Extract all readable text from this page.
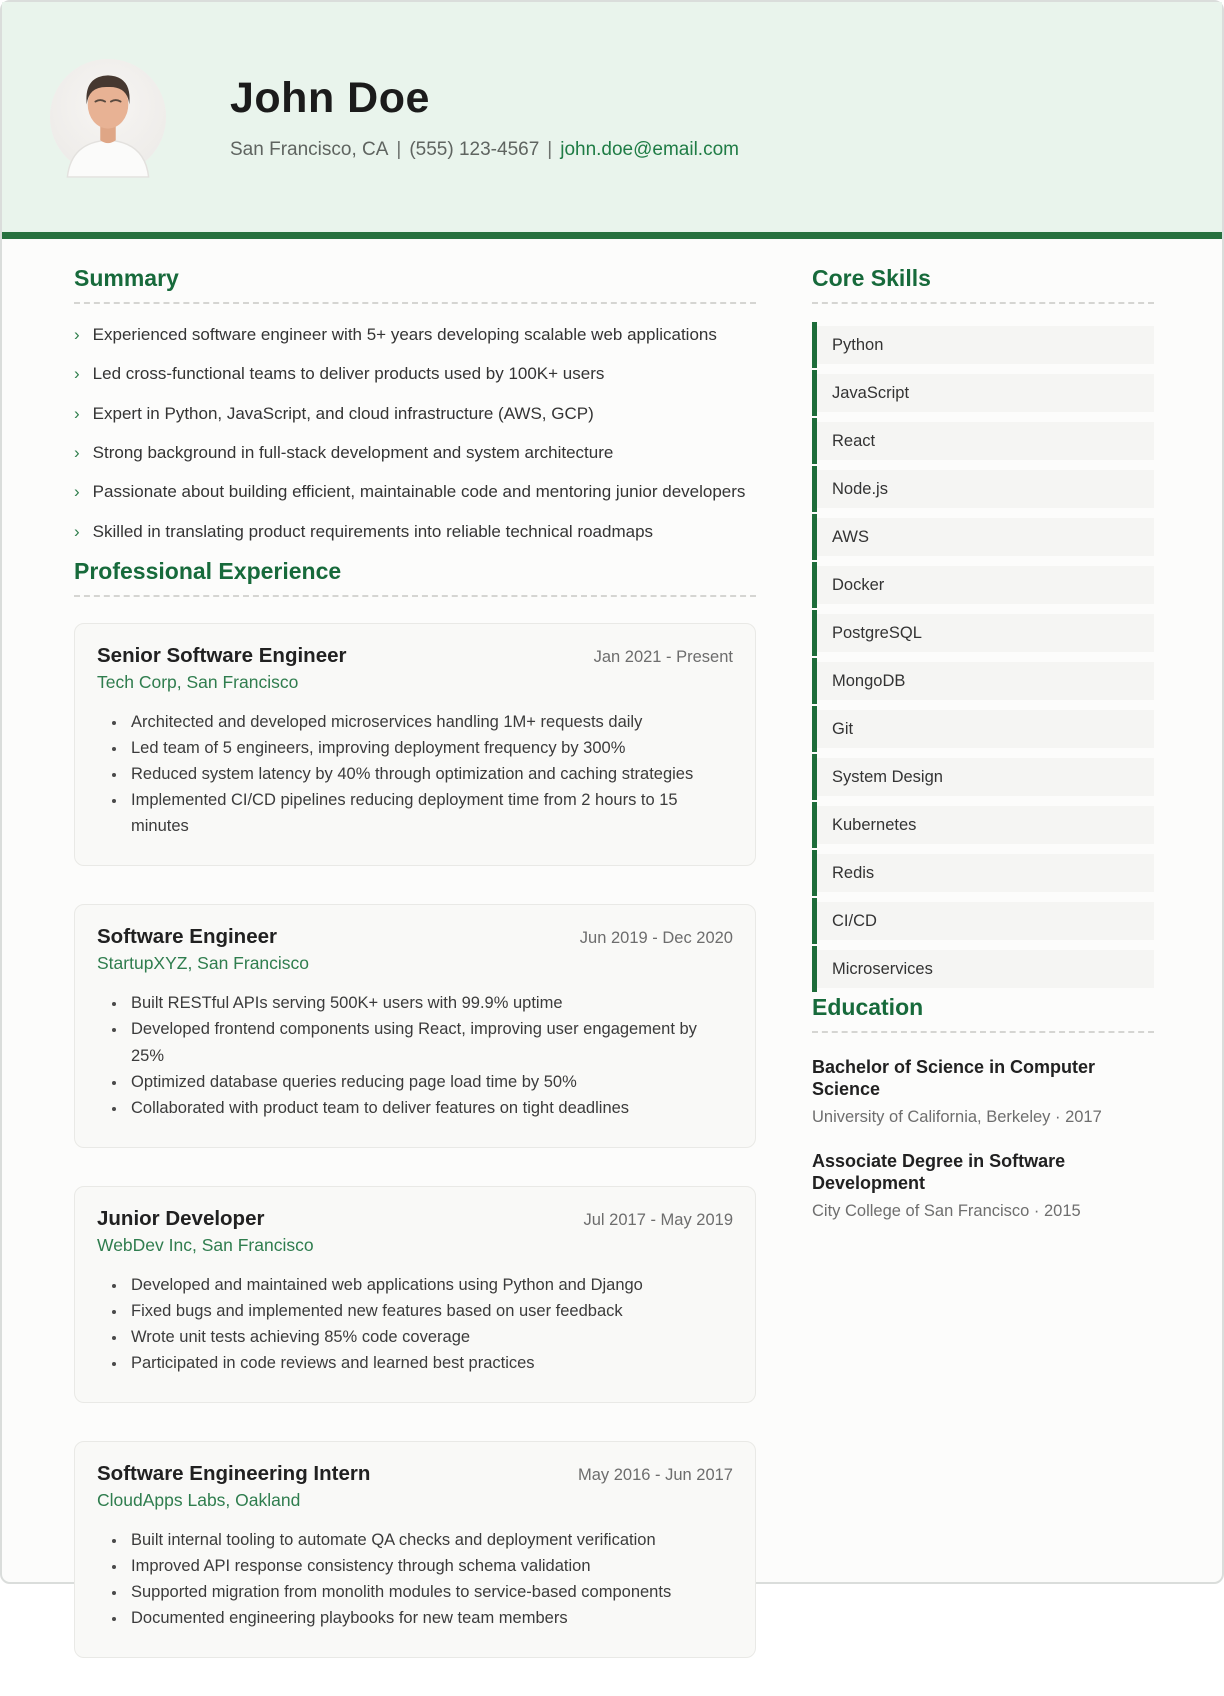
John Doe
San Francisco, CA | (555) 123-4567 | john.doe@email.com
Summary
› Experienced software engineer with 5+ years developing scalable web applications
› Led cross-functional teams to deliver products used by 100K+ users
› Expert in Python, JavaScript, and cloud infrastructure (AWS, GCP)
› Strong background in full-stack development and system architecture
› Passionate about building efficient, maintainable code and mentoring junior developers
› Skilled in translating product requirements into reliable technical roadmaps
Professional Experience
Senior Software Engineer	Jan 2021 - Present
Tech Corp, San Francisco
• Architected and developed microservices handling 1M+ requests daily
• Led team of 5 engineers, improving deployment frequency by 300%
• Reduced system latency by 40% through optimization and caching strategies
• Implemented CI/CD pipelines reducing deployment time from 2 hours to 15 minutes
Software Engineer	Jun 2019 - Dec 2020
StartupXYZ, San Francisco
• Built RESTful APIs serving 500K+ users with 99.9% uptime
• Developed frontend components using React, improving user engagement by 25%
• Optimized database queries reducing page load time by 50%
• Collaborated with product team to deliver features on tight deadlines
Junior Developer	Jul 2017 - May 2019
WebDev Inc, San Francisco
• Developed and maintained web applications using Python and Django
• Fixed bugs and implemented new features based on user feedback
• Wrote unit tests achieving 85% code coverage
• Participated in code reviews and learned best practices
Software Engineering Intern	May 2016 - Jun 2017
CloudApps Labs, Oakland
• Built internal tooling to automate QA checks and deployment verification
• Improved API response consistency through schema validation
• Supported migration from monolith modules to service-based components
• Documented engineering playbooks for new team members
Core Skills
Python
JavaScript
React
Node.js
AWS
Docker
PostgreSQL
MongoDB
Git
System Design
Kubernetes
Redis
CI/CD
Microservices
Education
Bachelor of Science in Computer Science
University of California, Berkeley · 2017
Associate Degree in Software Development
City College of San Francisco · 2015
